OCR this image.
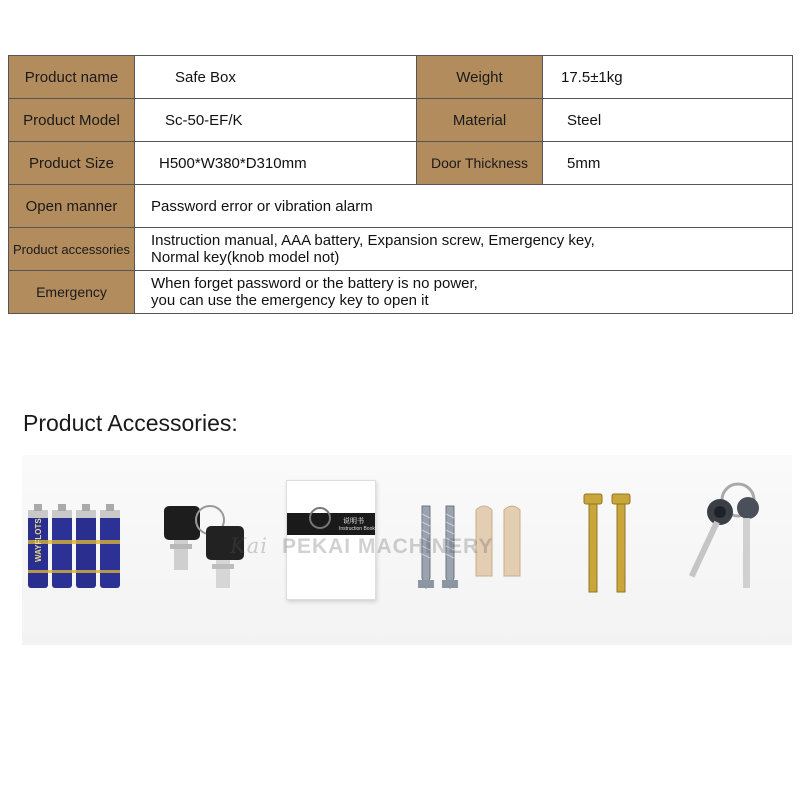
Product name	Safe Box	Weight	17.5±1kg
Product Model	Sc-50-EF/K	Material	Steel
Product Size	H500*W380*D310mm	Door Thickness	5mm
Open manner	Password error or vibration alarm		
Product accessories	Instruction manual, AAA battery, Expansion screw, Emergency key,
Normal key(knob model not)		

Emergency	When forget password or the battery is no power,
you can use the emergency key to open it		
Product Accessories:
WAYFLOTS	说明书
Instruction Book
Kai PEKAI MACHINERY
